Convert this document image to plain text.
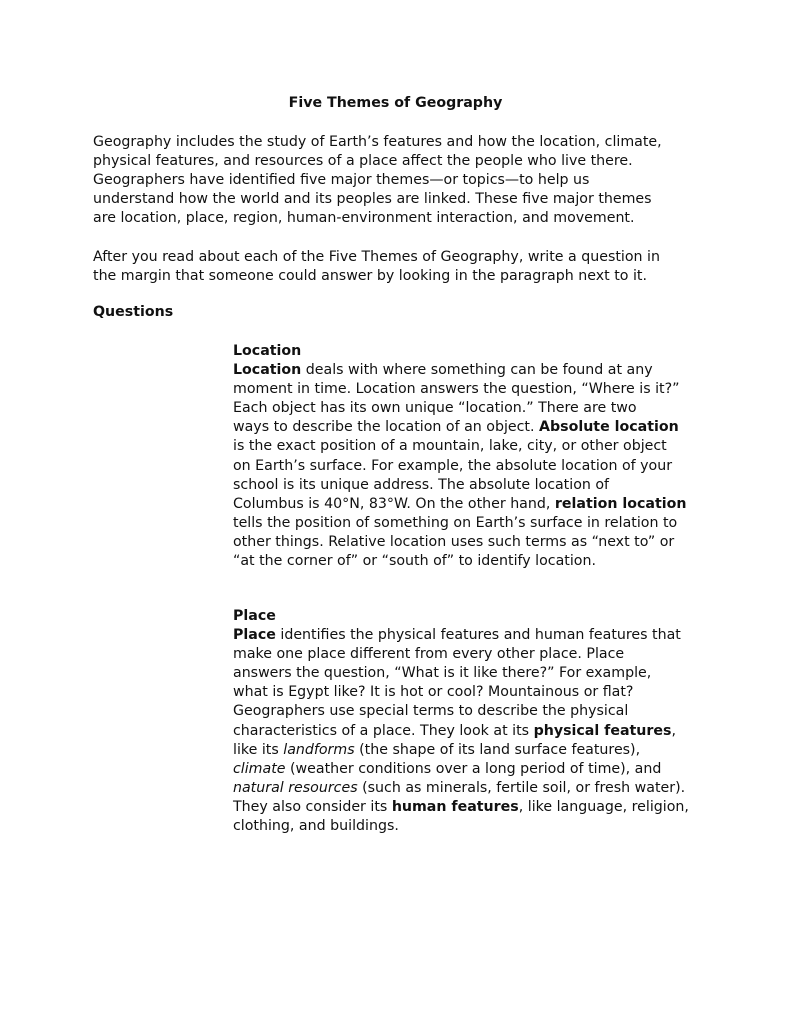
Five Themes of Geography
Geography includes the study of Earth’s features and how the location, climate,
physical features, and resources of a place affect the people who live there.
Geographers have identified five major themes—or topics—to help us
understand how the world and its peoples are linked. These five major themes
are location, place, region, human-environment interaction, and movement.
After you read about each of the Five Themes of Geography, write a question in
the margin that someone could answer by looking in the paragraph next to it.
Questions
Location
Location deals with where something can be found at any
moment in time. Location answers the question, “Where is it?”
Each object has its own unique “location.” There are two
ways to describe the location of an object. Absolute location
is the exact position of a mountain, lake, city, or other object
on Earth’s surface. For example, the absolute location of your
school is its unique address. The absolute location of
Columbus is 40°N, 83°W. On the other hand, relation location
tells the position of something on Earth’s surface in relation to
other things. Relative location uses such terms as “next to” or
“at the corner of” or “south of” to identify location.
Place
Place identifies the physical features and human features that
make one place different from every other place. Place
answers the question, “What is it like there?” For example,
what is Egypt like? It is hot or cool? Mountainous or flat?
Geographers use special terms to describe the physical
characteristics of a place. They look at its physical features,
like its landforms (the shape of its land surface features),
climate (weather conditions over a long period of time), and
natural resources (such as minerals, fertile soil, or fresh water).
They also consider its human features, like language, religion,
clothing, and buildings.
